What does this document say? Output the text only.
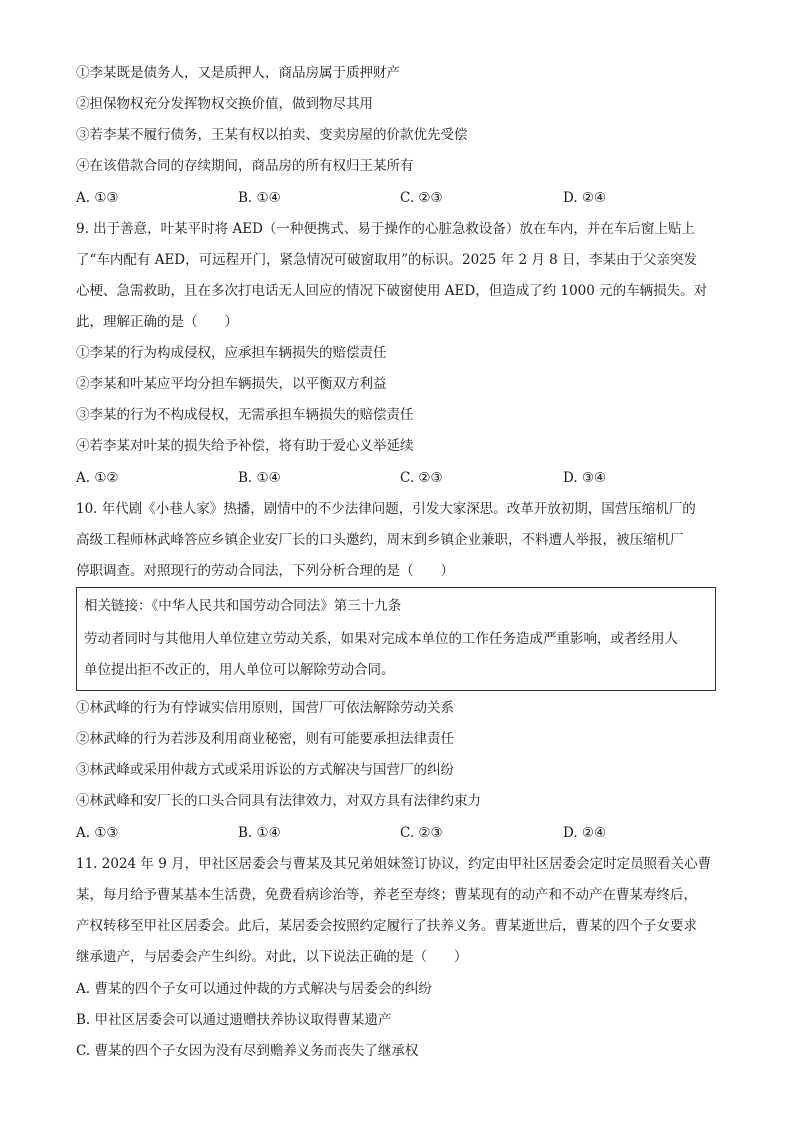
①李某既是债务人，又是质押人，商品房属于质押财产
②担保物权充分发挥物权交换价值，做到物尽其用
③若李某不履行债务，王某有权以拍卖、变卖房屋的价款优先受偿
④在该借款合同的存续期间，商品房的所有权归王某所有
A. ①③	B. ①④	C. ②③	D. ②④
9. 出于善意，叶某平时将 AED（一种便携式、易于操作的心脏急救设备）放在车内，并在车后窗上贴上
了“车内配有 AED，可远程开门，紧急情况可破窗取用”的标识。2025 年 2 月 8 日，李某由于父亲突发
心梗、急需救助，且在多次打电话无人回应的情况下破窗使用 AED，但造成了约 1000 元的车辆损失。对
此，理解正确的是（　　）
①李某的行为构成侵权，应承担车辆损失的赔偿责任
②李某和叶某应平均分担车辆损失，以平衡双方利益
③李某的行为不构成侵权，无需承担车辆损失的赔偿责任
④若李某对叶某的损失给予补偿，将有助于爱心义举延续
A. ①②	B. ①④	C. ②③	D. ③④
10. 年代剧《小巷人家》热播，剧情中的不少法律问题，引发大家深思。改革开放初期，国营压缩机厂的
高级工程师林武峰答应乡镇企业安厂长的口头邀约，周末到乡镇企业兼职，不料遭人举报，被压缩机厂
停职调查。对照现行的劳动合同法，下列分析合理的是（　　）
相关链接：《中华人民共和国劳动合同法》第三十九条
劳动者同时与其他用人单位建立劳动关系，如果对完成本单位的工作任务造成严重影响，或者经用人
单位提出拒不改正的，用人单位可以解除劳动合同。
①林武峰的行为有悖诚实信用原则，国营厂可依法解除劳动关系
②林武峰的行为若涉及利用商业秘密，则有可能要承担法律责任
③林武峰或采用仲裁方式或采用诉讼的方式解决与国营厂的纠纷
④林武峰和安厂长的口头合同具有法律效力，对双方具有法律约束力
A. ①③	B. ①④	C. ②③	D. ②④
11. 2024 年 9 月，甲社区居委会与曹某及其兄弟姐妹签订协议，约定由甲社区居委会定时定员照看关心曹
某，每月给予曹某基本生活费，免费看病诊治等，养老至寿终；曹某现有的动产和不动产在曹某寿终后，
产权转移至甲社区居委会。此后，某居委会按照约定履行了扶养义务。曹某逝世后，曹某的四个子女要求
继承遗产，与居委会产生纠纷。对此，以下说法正确的是（　　）
A. 曹某的四个子女可以通过仲裁的方式解决与居委会的纠纷
B. 甲社区居委会可以通过遗赠扶养协议取得曹某遗产
C. 曹某的四个子女因为没有尽到赡养义务而丧失了继承权
